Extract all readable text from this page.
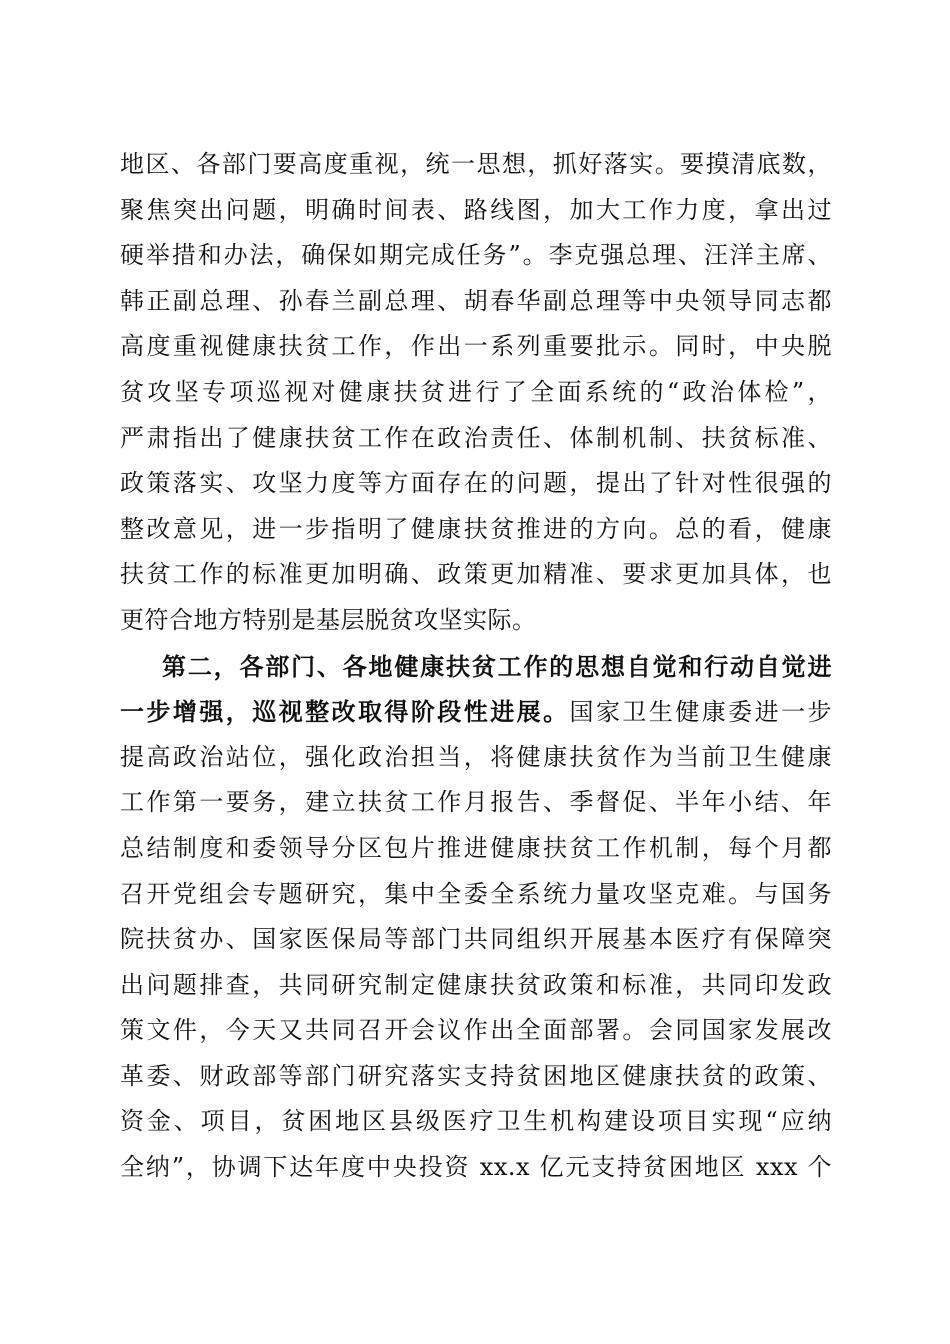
地区、各部门要高度重视，统一思想，抓好落实。要摸清底数，
聚焦突出问题，明确时间表、路线图，加大工作力度，拿出过
硬举措和办法，确保如期完成任务”。李克强总理、汪洋主席、
韩正副总理、孙春兰副总理、胡春华副总理等中央领导同志都
高度重视健康扶贫工作，作出一系列重要批示。同时，中央脱
贫攻坚专项巡视对健康扶贫进行了全面系统的“政治体检”，
严肃指出了健康扶贫工作在政治责任、体制机制、扶贫标准、
政策落实、攻坚力度等方面存在的问题，提出了针对性很强的
整改意见，进一步指明了健康扶贫推进的方向。总的看，健康
扶贫工作的标准更加明确、政策更加精准、要求更加具体，也
更符合地方特别是基层脱贫攻坚实际。
第二，各部门、各地健康扶贫工作的思想自觉和行动自觉进
一步增强，巡视整改取得阶段性进展。国家卫生健康委进一步
提高政治站位，强化政治担当，将健康扶贫作为当前卫生健康
工作第一要务，建立扶贫工作月报告、季督促、半年小结、年
总结制度和委领导分区包片推进健康扶贫工作机制，每个月都
召开党组会专题研究，集中全委全系统力量攻坚克难。与国务
院扶贫办、国家医保局等部门共同组织开展基本医疗有保障突
出问题排查，共同研究制定健康扶贫政策和标准，共同印发政
策文件，今天又共同召开会议作出全面部署。会同国家发展改
革委、财政部等部门研究落实支持贫困地区健康扶贫的政策、
资金、项目，贫困地区县级医疗卫生机构建设项目实现“应纳
全纳”，协调下达年度中央投资 xx.x 亿元支持贫困地区 xxx 个
